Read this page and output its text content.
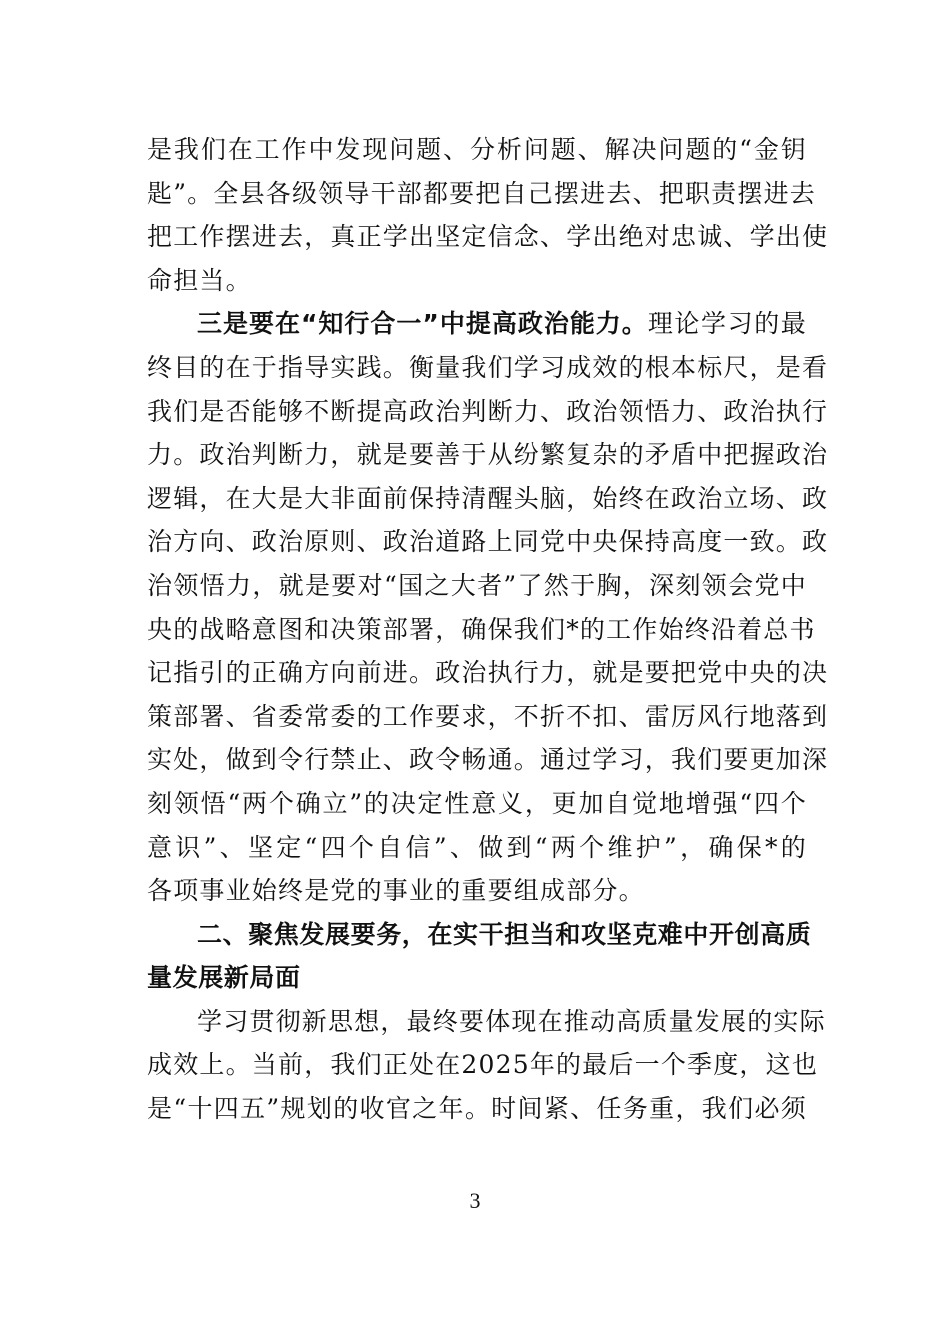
是我们在工作中发现问题、分析问题、解决问题的“金钥
匙”。全县各级领导干部都要把自己摆进去、把职责摆进去
把工作摆进去，真正学出坚定信念、学出绝对忠诚、学出使
命担当。
三是要在“知行合一”中提高政治能力。理论学习的最
终目的在于指导实践。衡量我们学习成效的根本标尺，是看
我们是否能够不断提高政治判断力、政治领悟力、政治执行
力。政治判断力，就是要善于从纷繁复杂的矛盾中把握政治
逻辑，在大是大非面前保持清醒头脑，始终在政治立场、政
治方向、政治原则、政治道路上同党中央保持高度一致。政
治领悟力，就是要对“国之大者”了然于胸，深刻领会党中
央的战略意图和决策部署，确保我们*的工作始终沿着总书
记指引的正确方向前进。政治执行力，就是要把党中央的决
策部署、省委常委的工作要求，不折不扣、雷厉风行地落到
实处，做到令行禁止、政令畅通。通过学习，我们要更加深
刻领悟“两个确立”的决定性意义，更加自觉地增强“四个
意识”、坚定“四个自信”、做到“两个维护”，确保*的
各项事业始终是党的事业的重要组成部分。
二、聚焦发展要务，在实干担当和攻坚克难中开创高质
量发展新局面
学习贯彻新思想，最终要体现在推动高质量发展的实际
成效上。当前，我们正处在2025年的最后一个季度，这也
是“十四五”规划的收官之年。时间紧、任务重，我们必须
3
